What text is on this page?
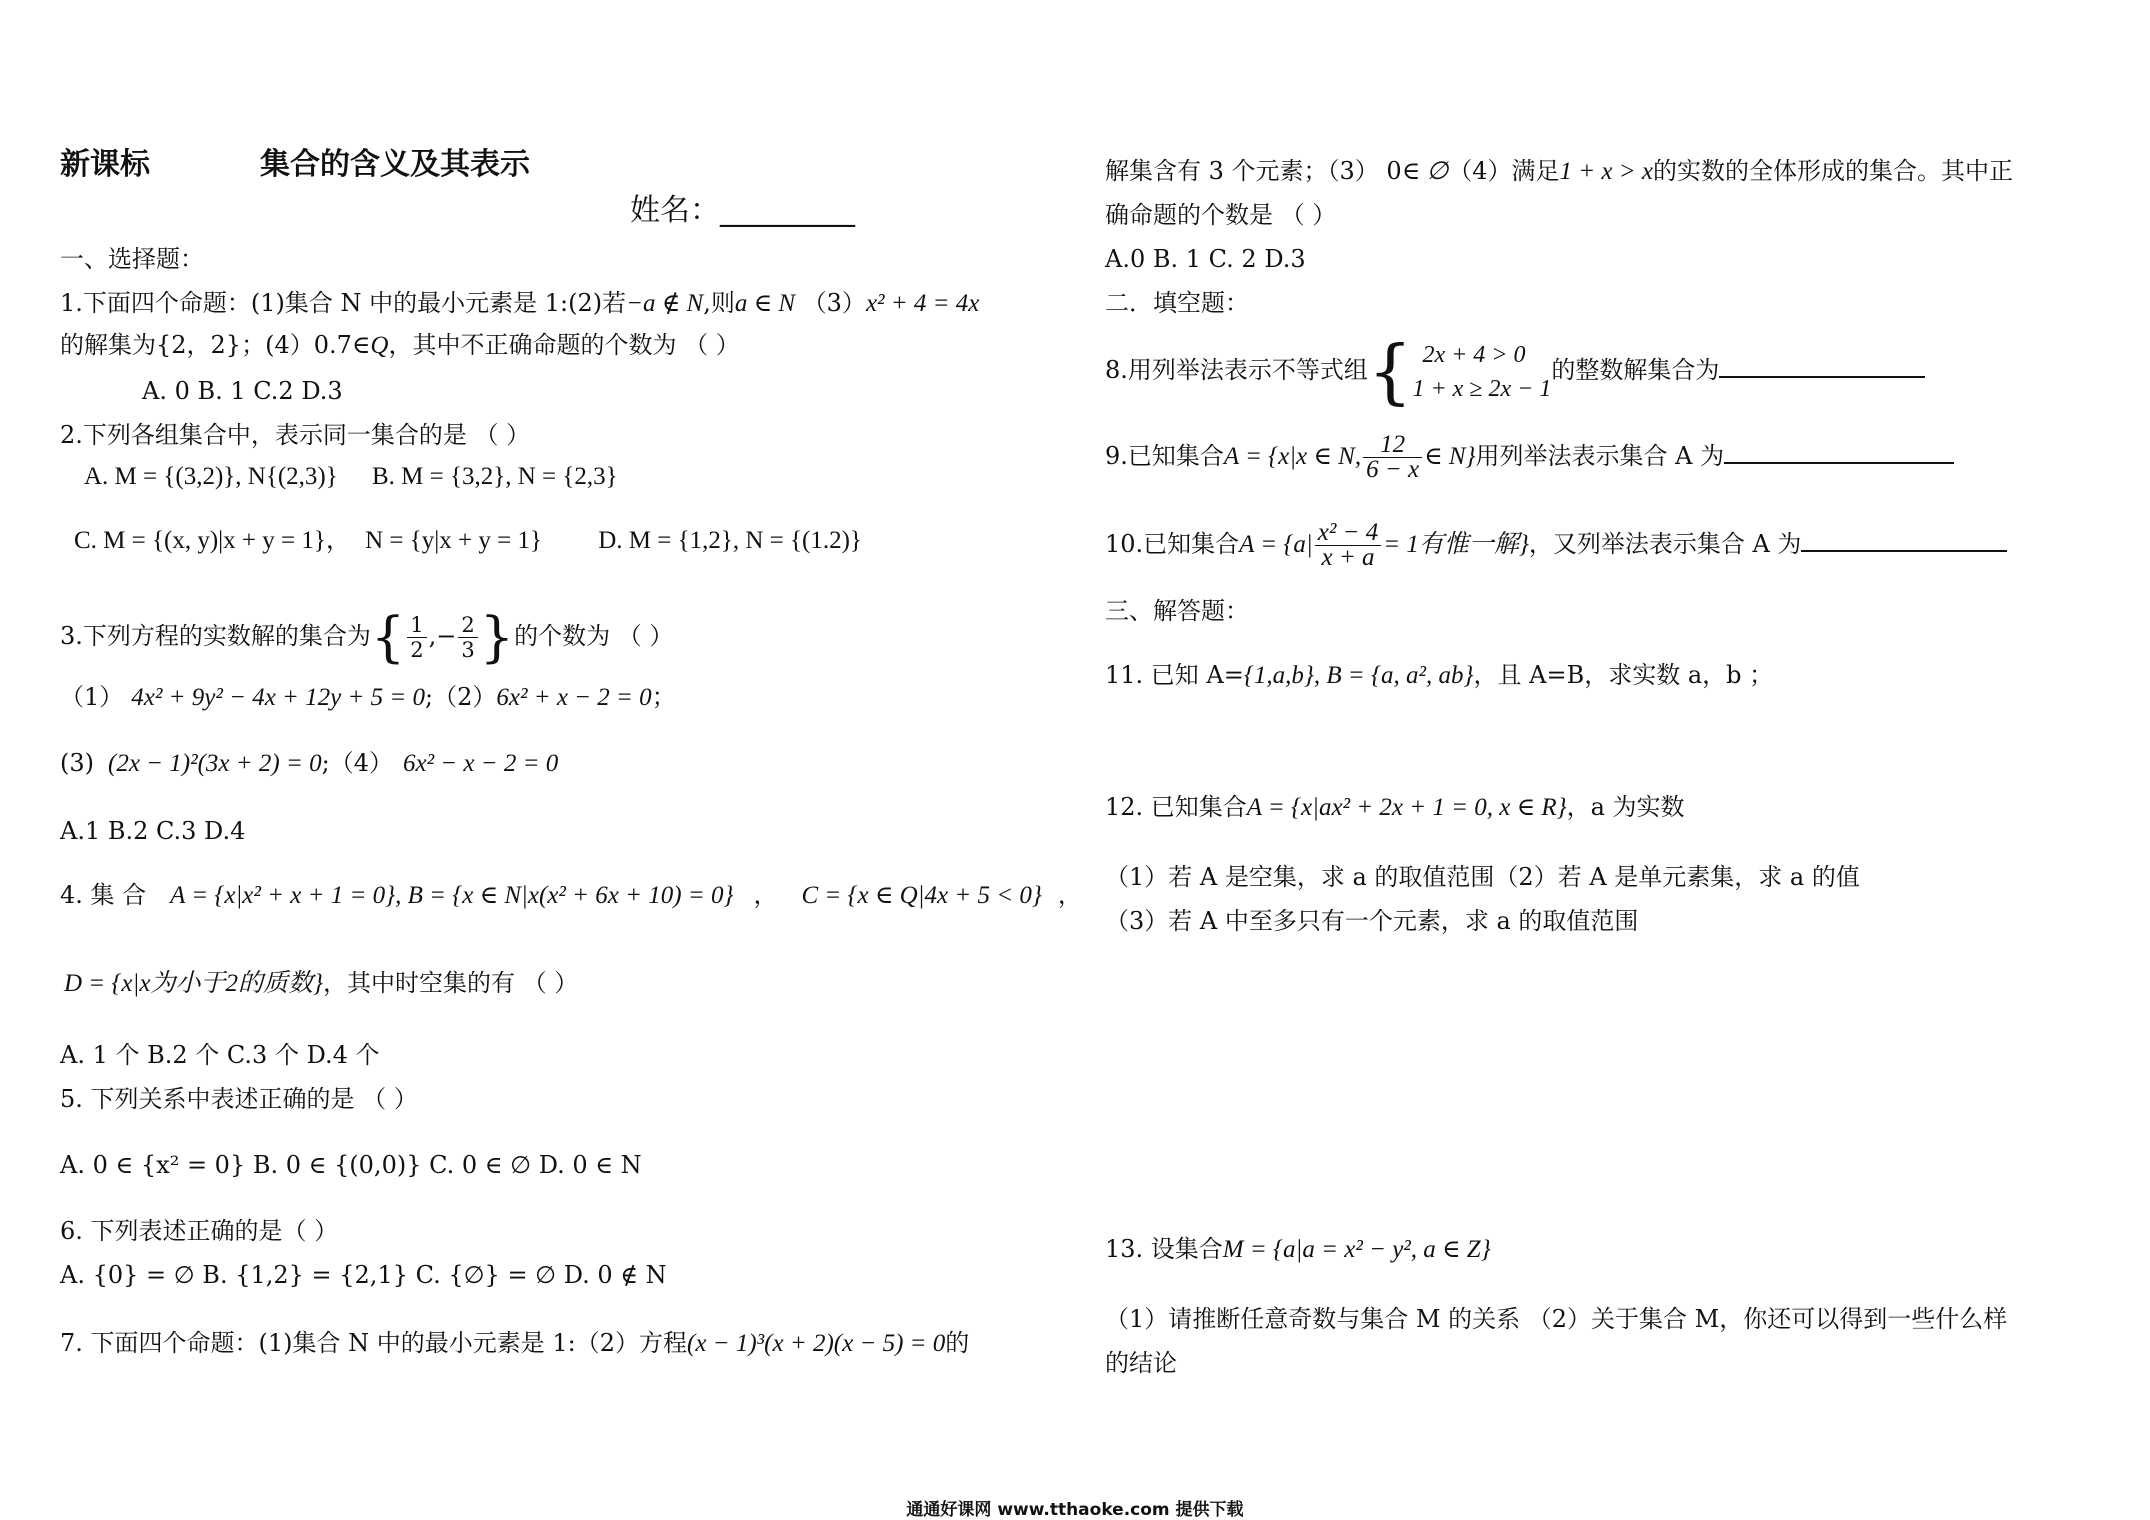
新课标	集合的含义及其表示
姓名：_________
一、选择题：
1.下面四个命题：(1)集合 N 中的最小元素是 1:(2)若−a ∉ N,则a ∈ N （3）x² + 4 = 4x
的解集为{2，2}；(4）0.7∈Q，其中不正确命题的个数为 （ ）
A. 0 B. 1 C.2 D.3
2.下列各组集合中，表示同一集合的是 （ ）
A. M = {(3,2)}, N{(2,3)} B. M = {3,2}, N = {2,3}
C. M = {(x, y)|x + y = 1}， N = {y|x + y = 1} D. M = {1,2}, N = {(1.2)}
3.下列方程的实数解的集合为{ $\frac{1}{2}$ ,− $\frac{2}{3}$ }的个数为 （ ）
（1） 4x² + 9y² − 4x + 12y + 5 = 0;（2）6x² + x − 2 = 0；
(3) (2x − 1)²(3x + 2) = 0;（4） 6x² − x − 2 = 0
A.1 B.2 C.3 D.4
4. 集 合 A = {x|x² + x + 1 = 0}, B = {x ∈ N|x(x² + 6x + 10) = 0} ， C = {x ∈ Q|4x + 5 < 0} ，
D = {x|x为小于2的质数}，其中时空集的有 （ ）
A. 1 个 B.2 个 C.3 个 D.4 个
5. 下列关系中表述正确的是 （ ）
A. 0 ∈ {x² = 0} B. 0 ∈ {(0,0)} C. 0 ∈ ∅ D. 0 ∈ N
6. 下列表述正确的是（ ）
A. {0} = ∅ B. {1,2} = {2,1} C. {∅} = ∅ D. 0 ∉ N
7. 下面四个命题：(1)集合 N 中的最小元素是 1:（2）方程(x − 1)³(x + 2)(x − 5) = 0的
解集含有 3 个元素；（3） 0∈ ∅（4）满足1 + x > x的实数的全体形成的集合。其中正
确命题的个数是 （ ）
A.0 B. 1 C. 2 D.3
二．填空题：
8.用列举法表示不等式组{ 2x + 4 > 0
1 + x ≥ 2x − 1
的整数解集合为
9.已知集合A = {x|x ∈ N, $\frac{12}{6 - x}$ ∈ N}用列举法表示集合 A 为
10.已知集合$A = \{a| \frac{\text{x² − 4}}{x + a} = 1$有惟一解}，又列举法表示集合 A 为
三、解答题：
11. 已知 A={1,a,b}, B = {a, a², ab}，且 A=B，求实数 a，b ；
12. 已知集合A = {x|ax² + 2x + 1 = 0, x ∈ R}，a 为实数
（1）若 A 是空集，求 a 的取值范围（2）若 A 是单元素集，求 a 的值
（3）若 A 中至多只有一个元素，求 a 的取值范围
13. 设集合M = {a|a = x² − y², a ∈ Z}
（1）请推断任意奇数与集合 M 的关系 （2）关于集合 M，你还可以得到一些什么样
的结论
通通好课网 www.tthaoke.com 提供下载
